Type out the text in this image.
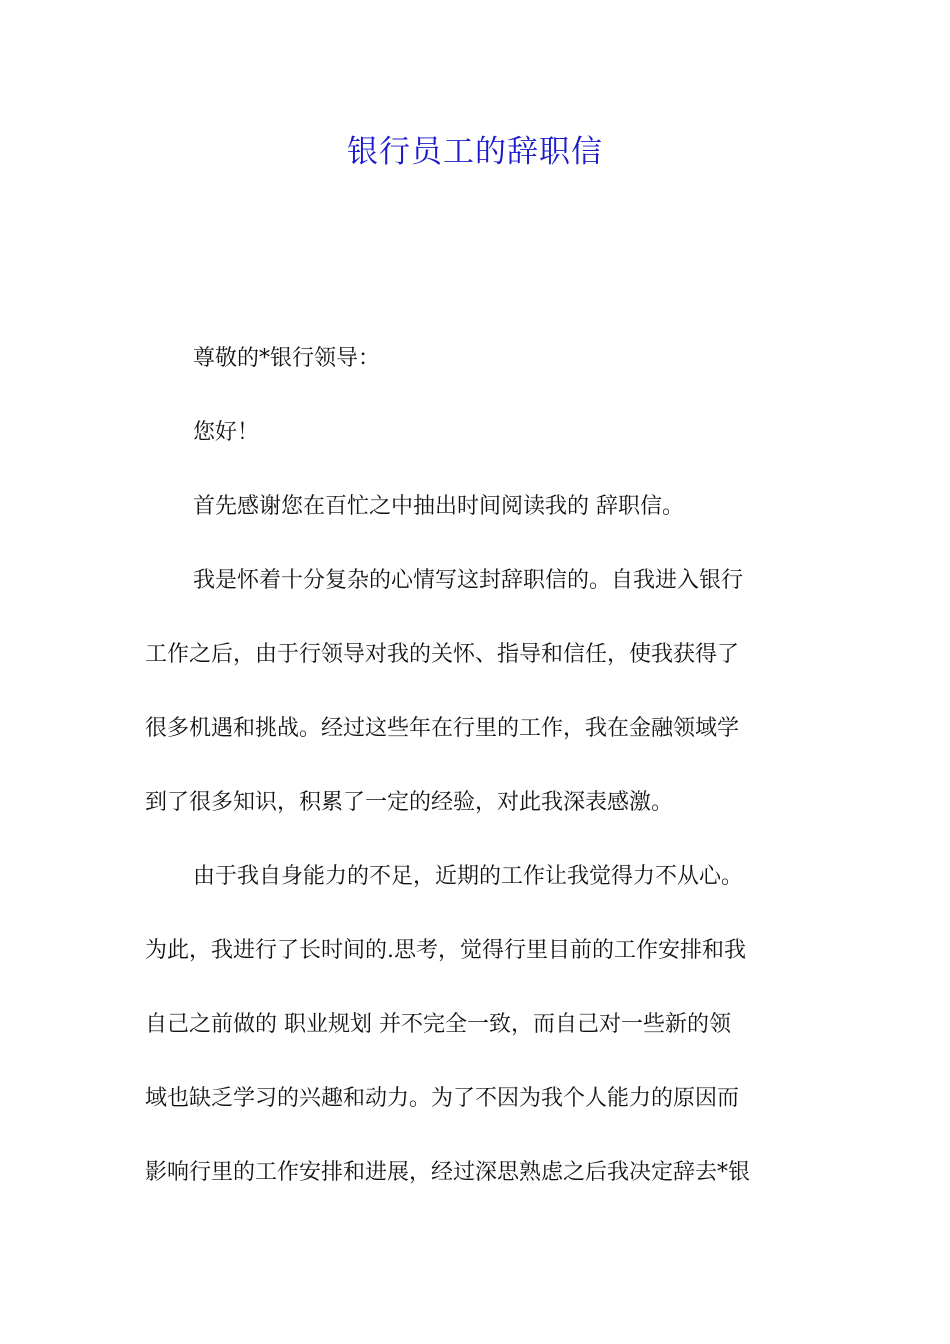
银行员工的辞职信
尊敬的*银行领导：
您好！
首先感谢您在百忙之中抽出时间阅读我的 辞职信。
我是怀着十分复杂的心情写这封辞职信的。自我进入银行
工作之后，由于行领导对我的关怀、指导和信任，使我获得了
很多机遇和挑战。经过这些年在行里的工作，我在金融领域学
到了很多知识，积累了一定的经验，对此我深表感激。
由于我自身能力的不足，近期的工作让我觉得力不从心。
为此，我进行了长时间的.思考，觉得行里目前的工作安排和我
自己之前做的 职业规划 并不完全一致，而自己对一些新的领
域也缺乏学习的兴趣和动力。为了不因为我个人能力的原因而
影响行里的工作安排和进展，经过深思熟虑之后我决定辞去*银
